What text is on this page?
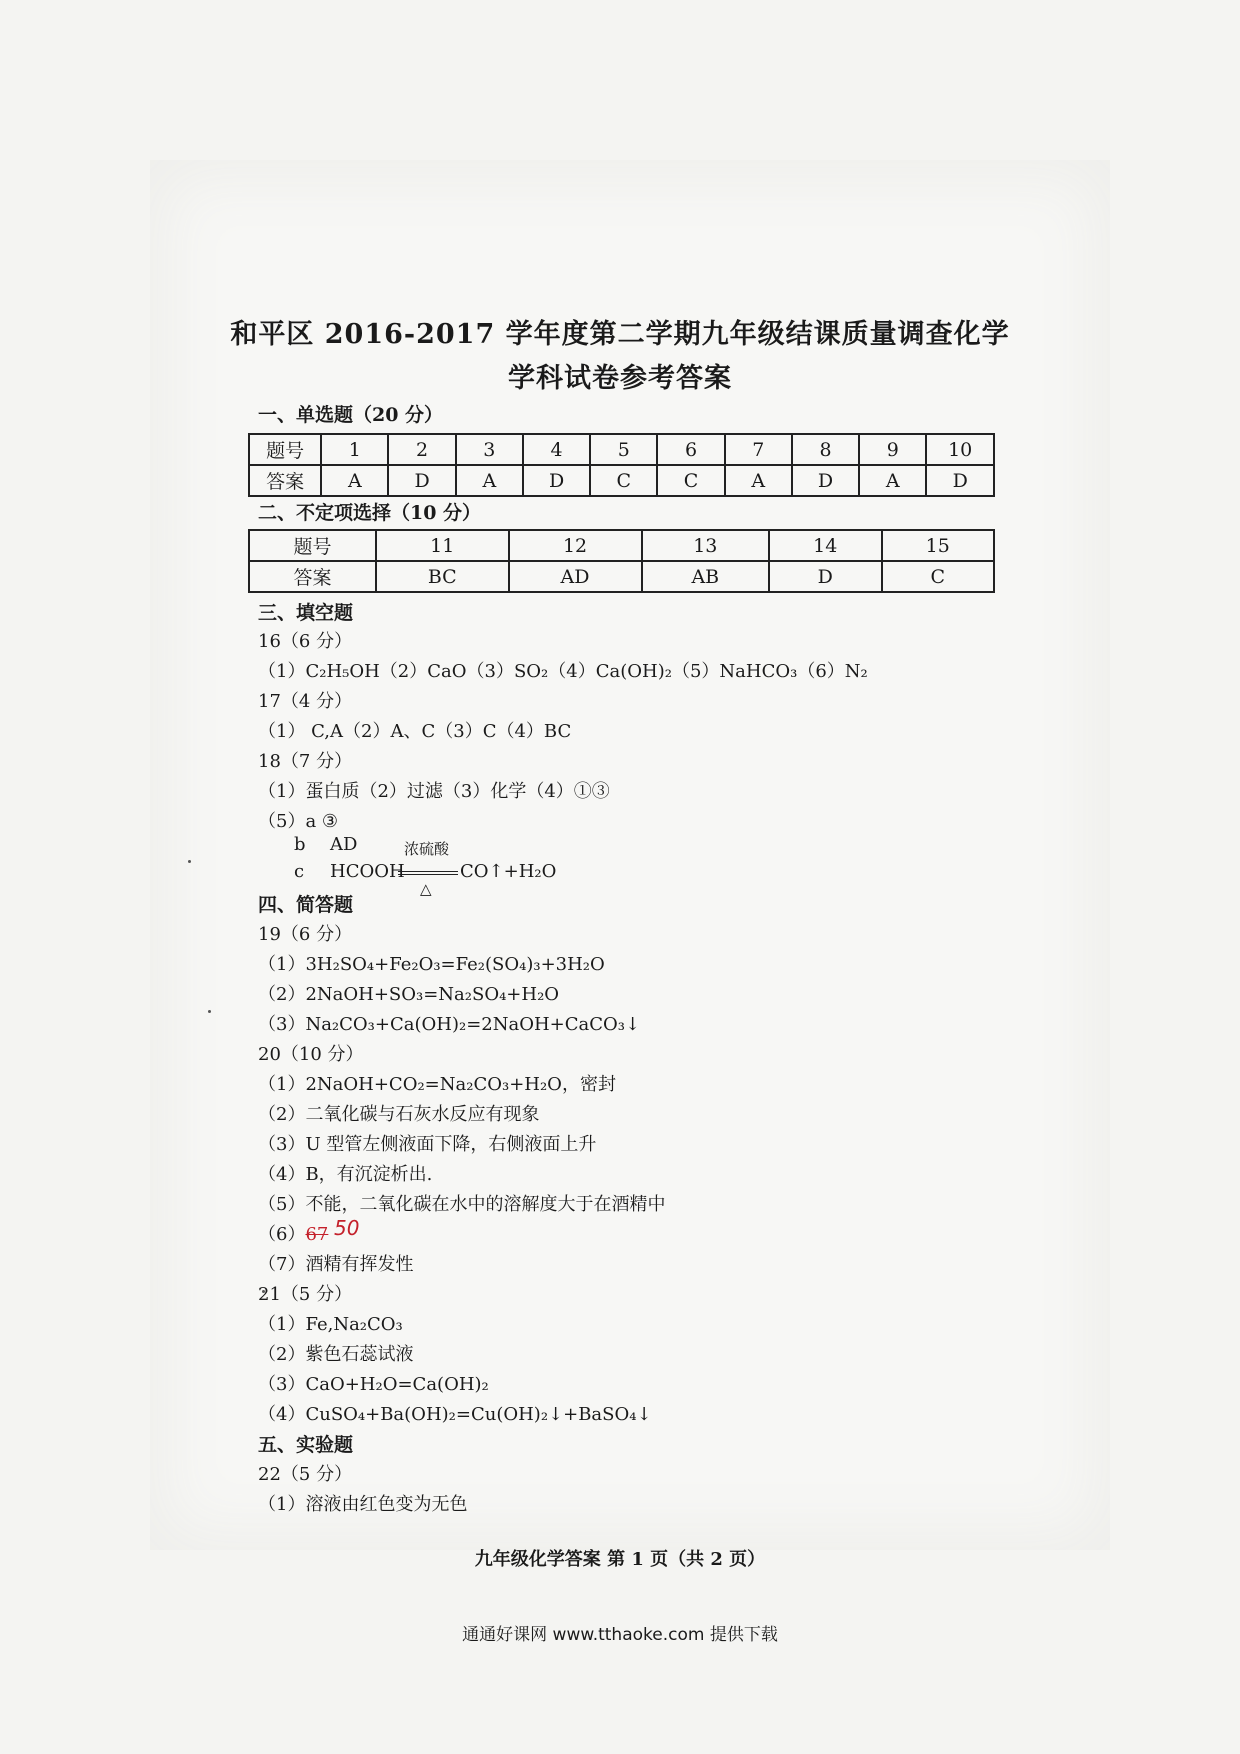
和平区 2016-2017 学年度第二学期九年级结课质量调查化学
学科试卷参考答案
一、单选题（20 分）
题号	1	2	3	4	5	6	7	8	9	10
答案	A	D	A	D	C	C	A	D	A	D
二、不定项选择（10 分）
题号	11	12	13	14	15
答案	BC	AD	AB	D	C
三、填空题
16（6 分）
（1）C₂H₅OH（2）CaO（3）SO₂（4）Ca(OH)₂（5）NaHCO₃（6）N₂
17（4 分）
（1） C,A（2）A、C（3）C（4）BC
18（7 分）
（1）蛋白质（2）过滤（3）化学（4）①③
（5）a ③
b AD
c HCOOH
浓硫酸
△
CO↑+H₂O
四、简答题
19（6 分）
（1）3H₂SO₄+Fe₂O₃=Fe₂(SO₄)₃+3H₂O
（2）2NaOH+SO₃=Na₂SO₄+H₂O
（3）Na₂CO₃+Ca(OH)₂=2NaOH+CaCO₃↓
20（10 分）
（1）2NaOH+CO₂=Na₂CO₃+H₂O，密封
（2）二氧化碳与石灰水反应有现象
（3）U 型管左侧液面下降，右侧液面上升
（4）B，有沉淀析出.
（5）不能，二氧化碳在水中的溶解度大于在酒精中
（6）67 50
（7）酒精有挥发性
21（5 分）
（1）Fe,Na₂CO₃
（2）紫色石蕊试液
（3）CaO+H₂O=Ca(OH)₂
（4）CuSO₄+Ba(OH)₂=Cu(OH)₂↓+BaSO₄↓
五、实验题
22（5 分）
（1）溶液由红色变为无色
九年级化学答案 第 1 页（共 2 页）
通通好课网 www.tthaoke.com 提供下载
